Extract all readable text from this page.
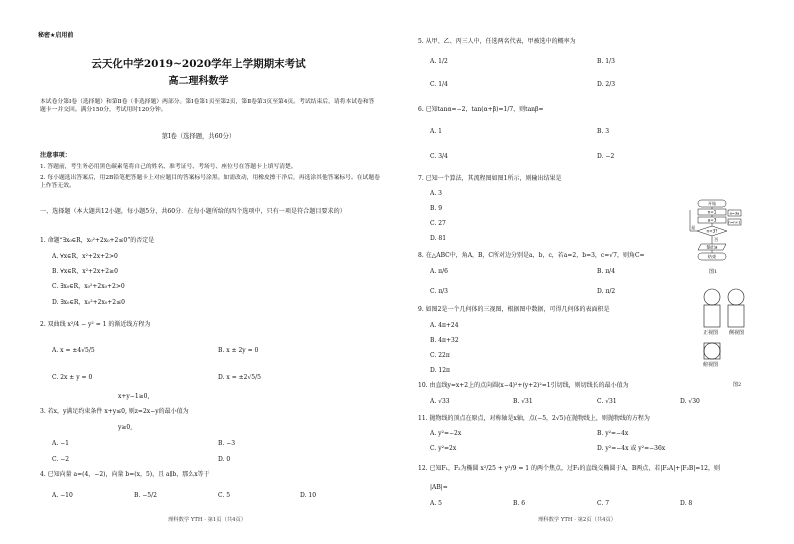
秘密★启用前
云天化中学2019~2020学年上学期期末考试
高二理科数学
本试卷分第Ⅰ卷（选择题）和第Ⅱ卷（非选择题）两部分。第Ⅰ卷第1页至第2页，第Ⅱ卷第3页至第4页。考试结束后，请将本试卷和答题卡一并交回。满分150分，考试用时120分钟。
第Ⅰ卷（选择题，共60分）
注意事项：
1. 答题前，考生务必用黑色碳素笔将自己的姓名、准考证号、考场号、座位号在答题卡上填写清楚。
2. 每小题选出答案后，用2B铅笔把答题卡上对应题目的答案标号涂黑。如需改动，用橡皮擦干净后，再选涂其他答案标号。在试题卷上作答无效。
一、选择题（本大题共12小题，每小题5分，共60分．在每小题所给的四个选项中，只有一项是符合题目要求的）
1. 命题“∃x₀∈R，x₀²+2x₀+2≤0”的否定是
A. ∀x∈R，x²+2x+2>0
B. ∀x∈R，x²+2x+2≥0
C. ∃x₀∈R，x₀²+2x₀+2>0
D. ∃x₀∈R，x₀²+2x₀+2≤0
2. 双曲线 x²/4 − y² = 1 的渐近线方程为
A. x = ±4√5/5	B. x ± 2y = 0
C. 2x ± y = 0	D. x = ±2√5/5
x+y−1≥0,
3. 若x，y满足约束条件 x+y≤0, 则z=2x−y的最小值为
y≥0,
A. −1	B. −3
C. −2	D. 0
4. 已知向量 a=(4，−2)，向量 b=(x，5)，且 a∥b，那么x等于
A. −10	B. −5/2	C. 5	D. 10
理科数学 YTH · 第1页（共4页）
5. 从甲、乙、丙三人中，任选两名代表，甲被选中的概率为
A. 1/2	B. 1/3
C. 1/4	D. 2/3
6. 已知tanα=−2，tan(α+β)=1/7，则tanβ=
A. 1	B. 3
C. 3/4	D. −2
7. 已知一个算法，其流程图如图1所示，则输出结果是
A. 3
B. 9
C. 27
D. 81
8. 在△ABC中，角A，B，C所对边分别是a，b，c，若a=2，b=3，c=√7，则角C=
A. π/6	B. π/4
C. π/3	D. π/2
9. 如图2是一个几何体的三视图，根据图中数据，可得几何体的表面积是
A. 4π+24
B. 4π+32
C. 22π
D. 12π
10. 由直线y=x+2上的点向圆(x−4)²+(y+2)²=1引切线，则切线长的最小值为
A. √33	B. √31	C. √31	D. √30
11. 抛物线的顶点在原点，对称轴是x轴，点(−5，2√5)在抛物线上，则抛物线的方程为
A. y²=−2x	B. y²=−4x
C. y²=2x	D. y²=−4x 或 y²=−36x
12. 已知F₁，F₂为椭圆 x²/25 + y²/9 = 1 的两个焦点，过F₁的直线交椭圆于A，B两点，若|F₂A|+|F₂B|=12，则
|AB|=
A. 5	B. 6	C. 7	D. 8
理科数学 YTH · 第2页（共4页）
开始
n=1
a=3
n<3?
是
否
a=3a
n=n+1
输出a
结束
图1
正视图 侧视图
俯视图
图2
